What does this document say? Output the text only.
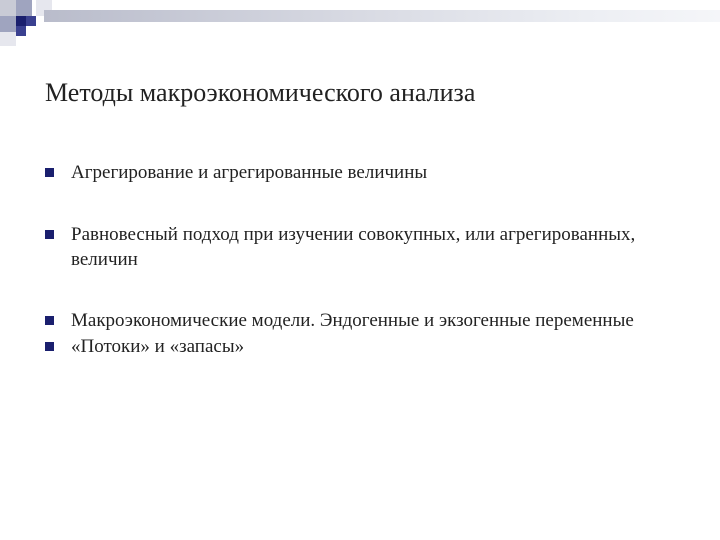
Методы макроэкономического анализа
Агрегирование и агрегированные величины
Равновесный подход при изучении совокупных, или агрегированных, величин
Макроэкономические модели. Эндогенные и экзогенные переменные
«Потоки» и «запасы»
